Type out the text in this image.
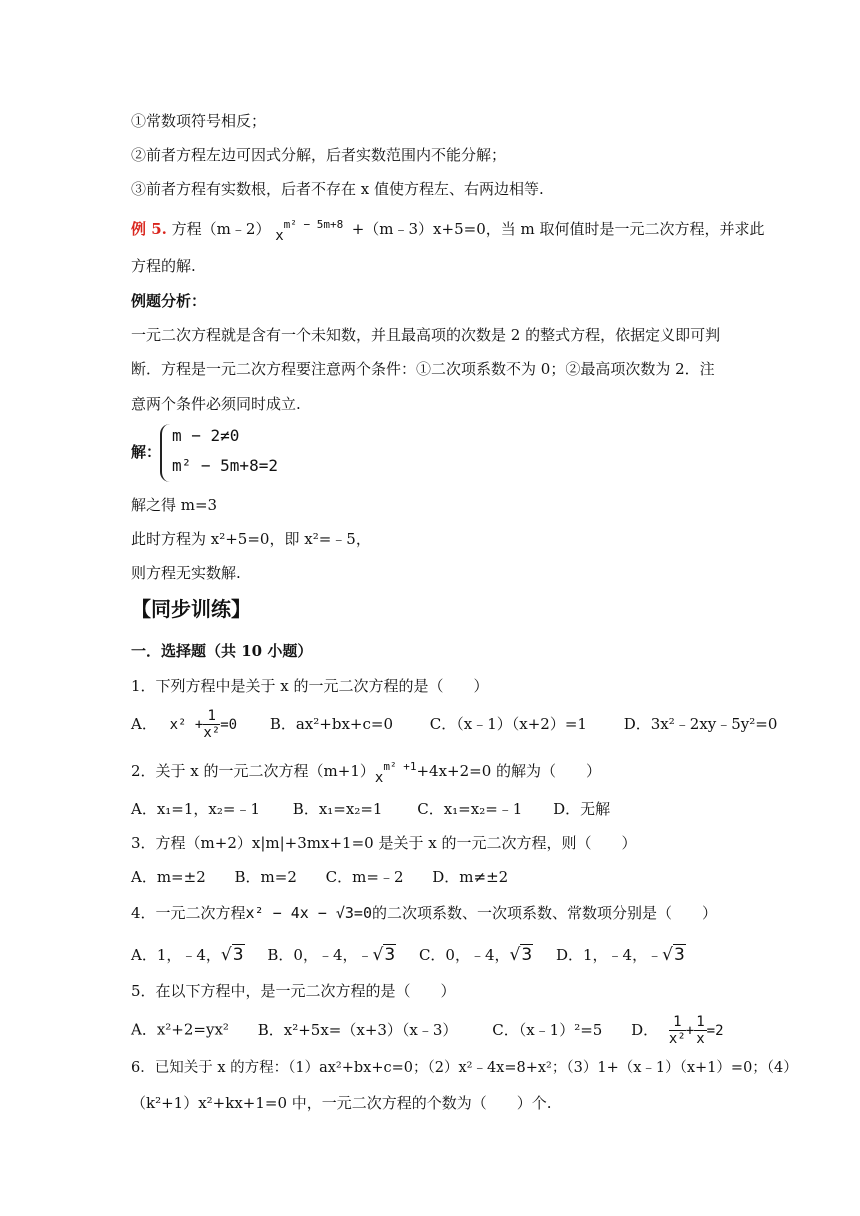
①常数项符号相反；
②前者方程左边可因式分解，后者实数范围内不能分解；
③前者方程有实数根，后者不存在 x 值使方程左、右两边相等.
例 5. 方程（m﹣2） $x^{m^2 - 5m+8}$ +（m﹣3）x+5=0，当 m 取何值时是一元二次方程，并求此
方程的解.
例题分析：
一元二次方程就是含有一个未知数，并且最高项的次数是 2 的整式方程，依据定义即可判
断．方程是一元二次方程要注意两个条件：①二次项系数不为 0；②最高项次数为 2．注
意两个条件必须同时成立.
解：
m − 2≠0
m² − 5m+8=2
解之得 m=3
此时方程为 x²+5=0，即 x²=﹣5，
则方程无实数解.
【同步训练】
一．选择题（共 10 小题）
1．下列方程中是关于 x 的一元二次方程的是（　　）
A． $x^2 + \frac{1}{\text{x²}} =0$ B．ax²+bx+c=0 C．（x﹣1）（x+2）=1 D．3x²﹣2xy﹣5y²=0
2．关于 x 的一元二次方程$(m+1)x^{m^2 +1}+4x+2=0$ 的解为（　　）
A．x₁=1，x₂=﹣1 B．x₁=x₂=1 C．x₁=x₂=﹣1 D．无解
3．方程（m+2）x|m|+3mx+1=0 是关于 x 的一元二次方程，则（　　）
A．m=±2 B．m=2 C．m=﹣2 D．m≠±2
4．一元二次方程x² − 4x − √3=0的二次项系数、一次项系数、常数项分别是（　　）
A．1，﹣4，√3 B．0，﹣4，﹣√3 C．0，﹣4，√3 D．1，﹣4，﹣√3
5．在以下方程中，是一元二次方程的是（　　）
A．x²+2=yx² B．x²+5x=（x+3）（x﹣3） C．（x﹣1）²=5 D． $\frac{1}{\text{x²}} + \frac{1}{x} =2$
6．已知关于 x 的方程：（1）ax²+bx+c=0；（2）x²﹣4x=8+x²；（3）1+（x﹣1）（x+1）=0；（4）
（k²+1）x²+kx+1=0 中，一元二次方程的个数为（　　）个.
